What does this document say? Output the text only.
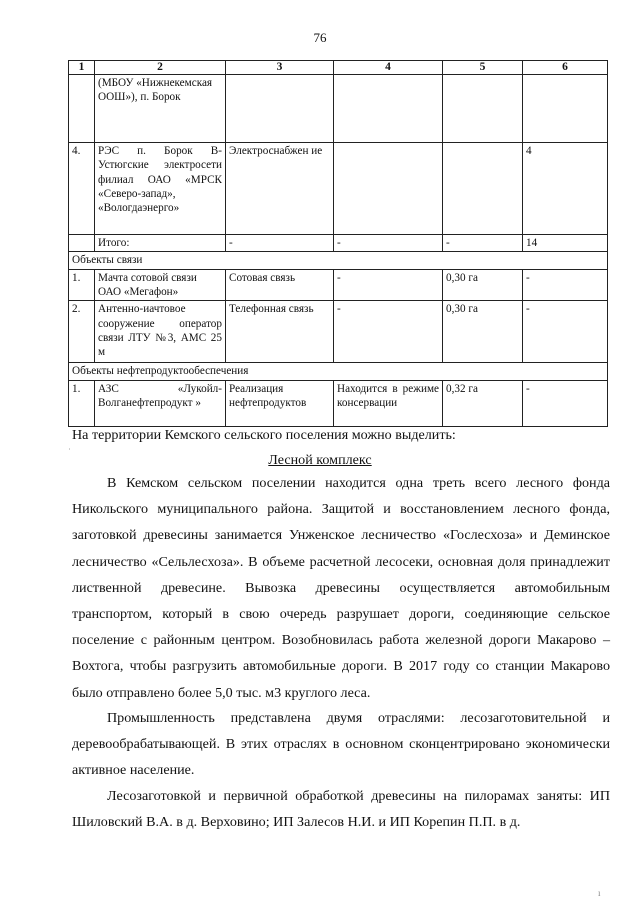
76
1	2	3	4	5	6
	(МБОУ «Нижнекемская ООШ»), п. Борок				
4.	РЭС п. Борок В-Устюгские электросети филиал ОАО «МРСК «Северо-запад», «Вологдаэнерго»	Электроснабжен ие			4
	Итого:	-	-	-	14
Объекты связи					
1.	Мачта сотовой связи ОАО «Мегафон»	Сотовая связь	-	0,30 га	-
2.	Антенно-иачтовое сооружение оператор связи ЛТУ №3, АМС 25 м	Телефонная связь	-	0,30 га	-
Объекты нефтепродуктообеспечения					
1.	АЗС «Лукойл-Волганефтепродукт »	Реализация нефтепродуктов	Находится в режиме консервации	0,32 га	-
На территории Кемского сельского поселения можно выделить:
˙	Лесной комплекс

В Кемском сельском поселении находится одна треть всего лесного фонда Никольского муниципального района. Защитой и восстановлением лесного фонда, заготовкой древесины занимается Унженское лесничество «Гослесхоза» и Деминское лесничество «Сельлесхоза». В объеме расчетной лесосеки, основная доля принадлежит лиственной древесине. Вывозка древесины осуществляется автомобильным транспортом, который в свою очередь разрушает дороги, соединяющие сельское поселение с районным центром. Возобновилась работа железной дороги Макарово – Вохтога, чтобы разгрузить автомобильные дороги. В 2017 году со станции Макарово было отправлено более 5,0 тыс. м3 круглого леса.

Промышленность представлена двумя отраслями: лесозаготовительной и деревообрабатывающей. В этих отраслях в основном сконцентрировано экономически активное население.

Лесозаготовкой и первичной обработкой древесины на пилорамах заняты: ИП Шиловский В.А. в д. Верховино; ИП Залесов Н.И. и ИП Корепин П.П. в д.

ı
